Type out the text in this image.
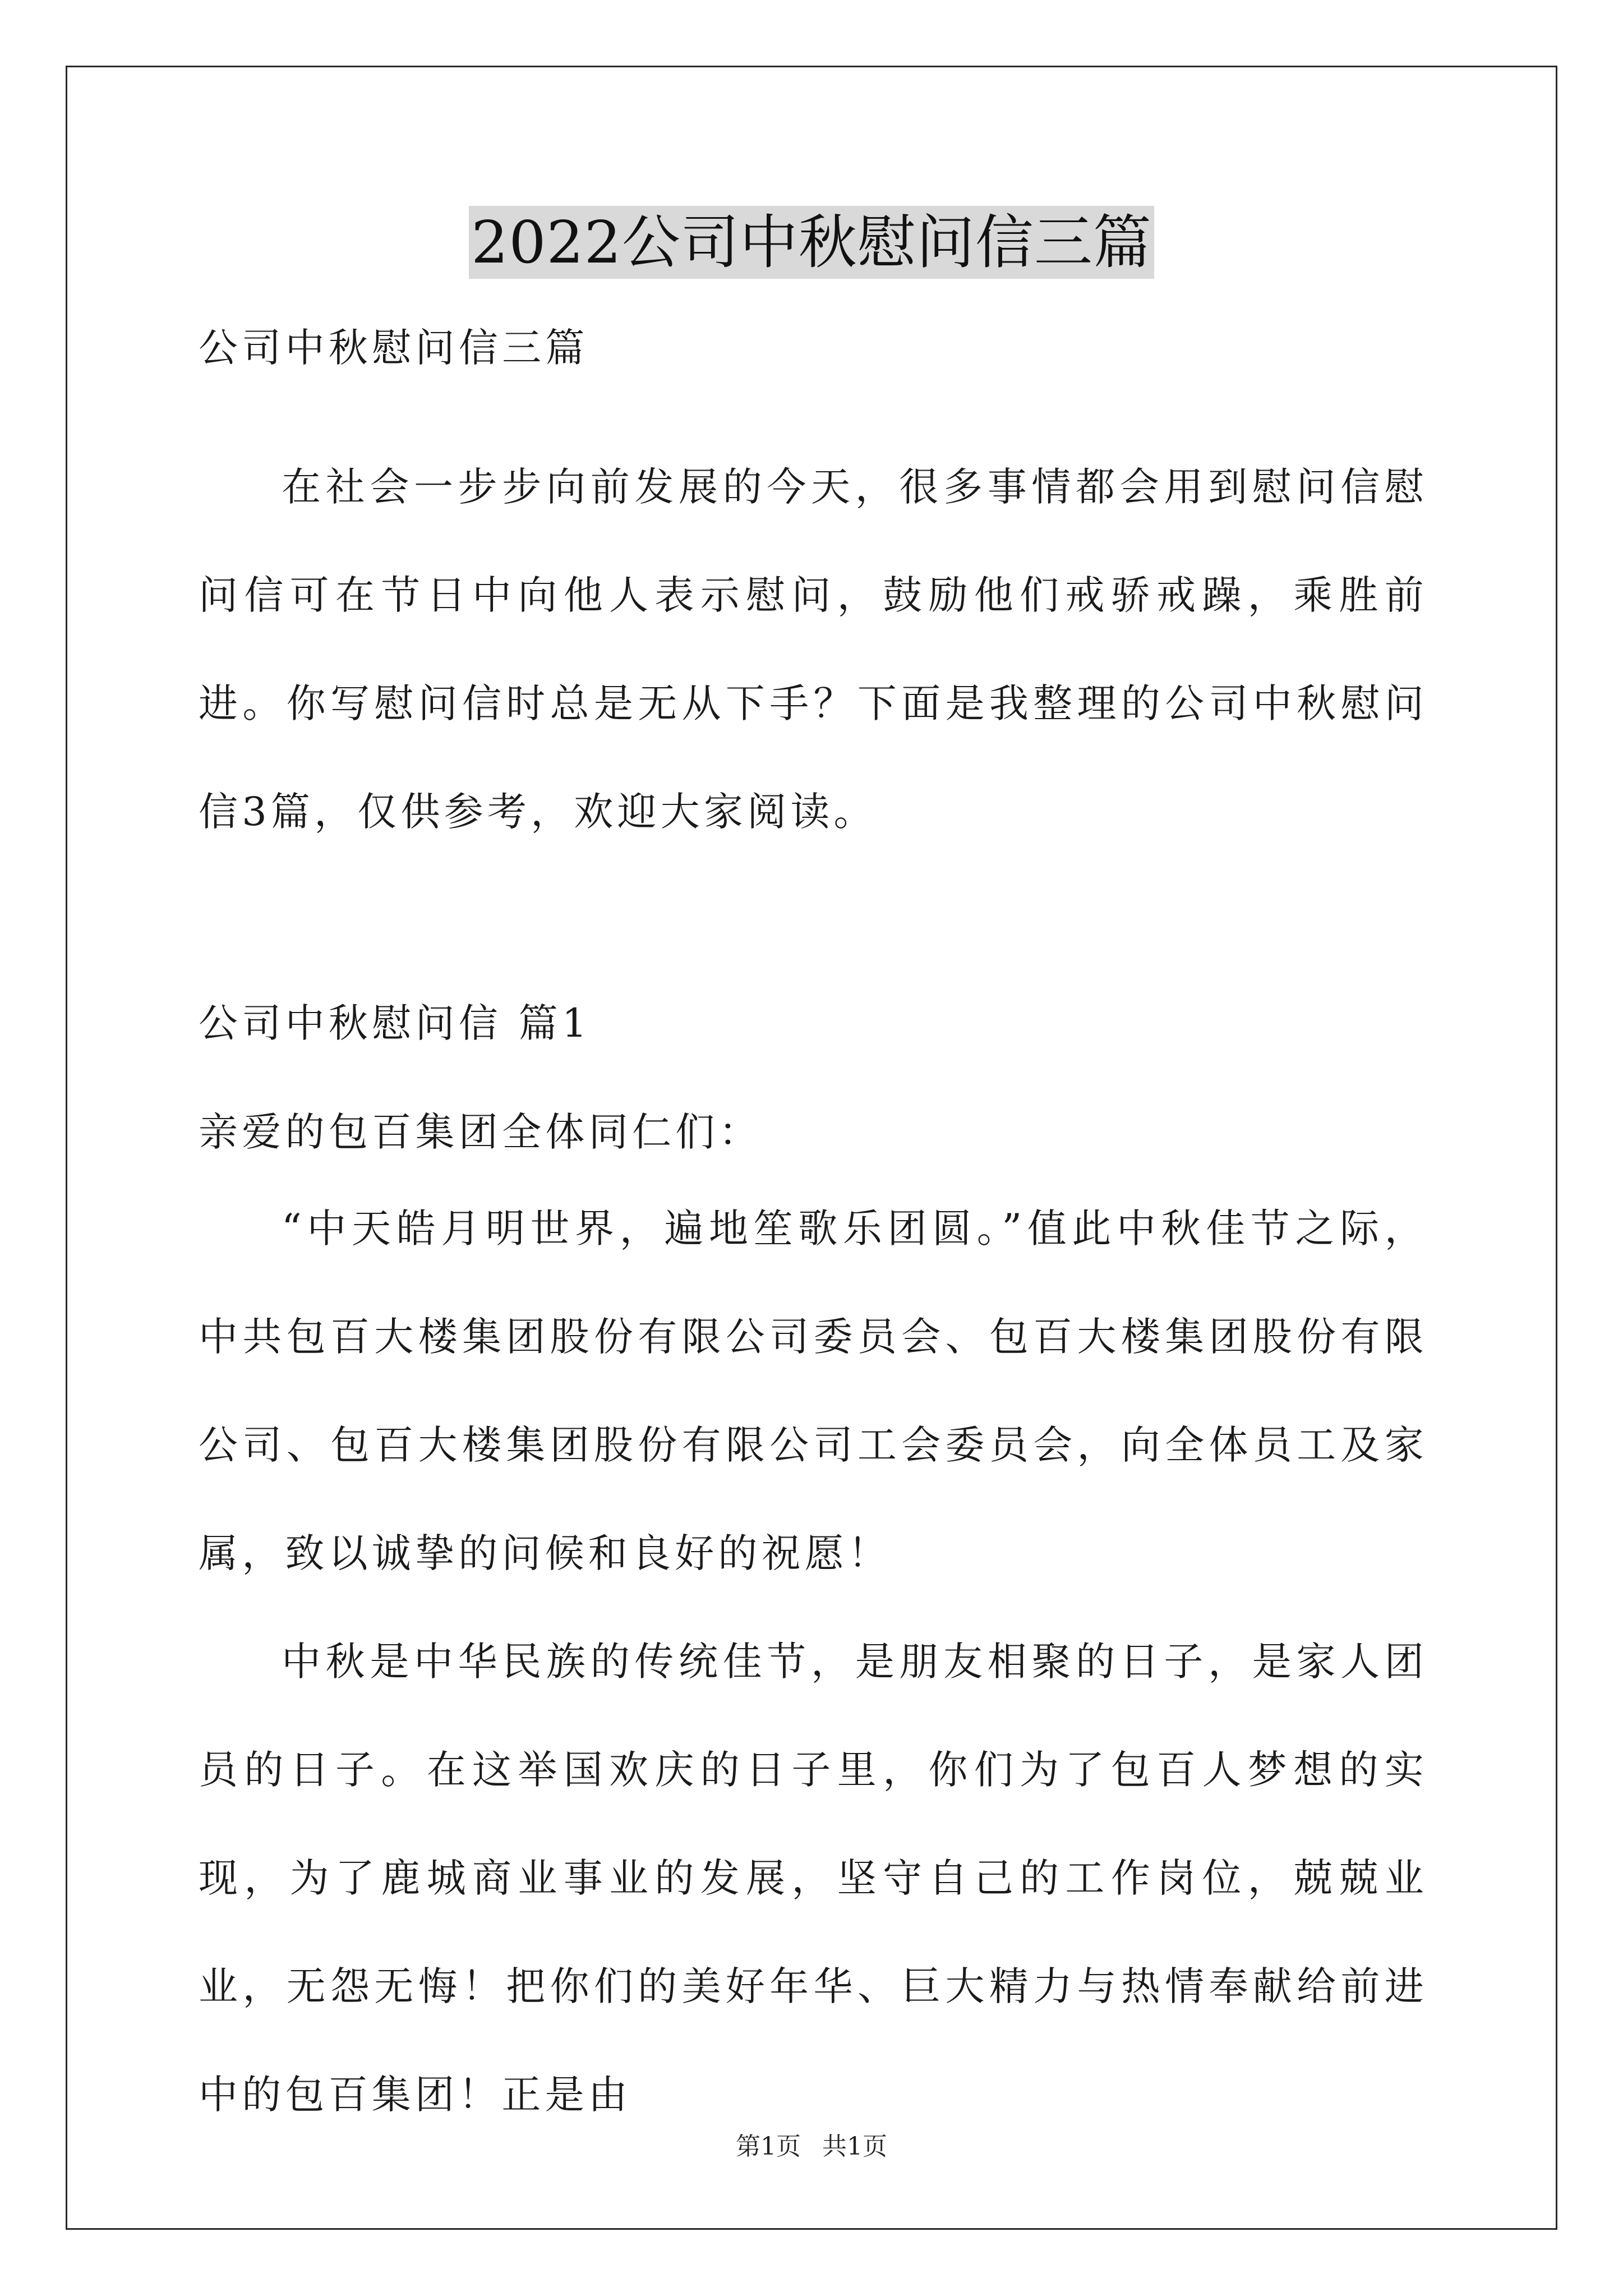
2022公司中秋慰问信三篇
公司中秋慰问信三篇
在社会一步步向前发展的今天，很多事情都会用到慰问信慰问信可在节日中向他人表示慰问，鼓励他们戒骄戒躁，乘胜前进。你写慰问信时总是无从下手？下面是我整理的公司中秋慰问信3篇，仅供参考，欢迎大家阅读。
公司中秋慰问信 篇1
亲爱的包百集团全体同仁们：
“中天皓月明世界，遍地笙歌乐团圆。”值此中秋佳节之际，中共包百大楼集团股份有限公司委员会、包百大楼集团股份有限公司、包百大楼集团股份有限公司工会委员会，向全体员工及家属，致以诚挚的问候和良好的祝愿！
中秋是中华民族的传统佳节，是朋友相聚的日子，是家人团员的日子。在这举国欢庆的日子里，你们为了包百人梦想的实现，为了鹿城商业事业的发展，坚守自己的工作岗位，兢兢业业，无怨无悔！把你们的美好年华、巨大精力与热情奉献给前进中的包百集团！正是由
第1页 共1页
